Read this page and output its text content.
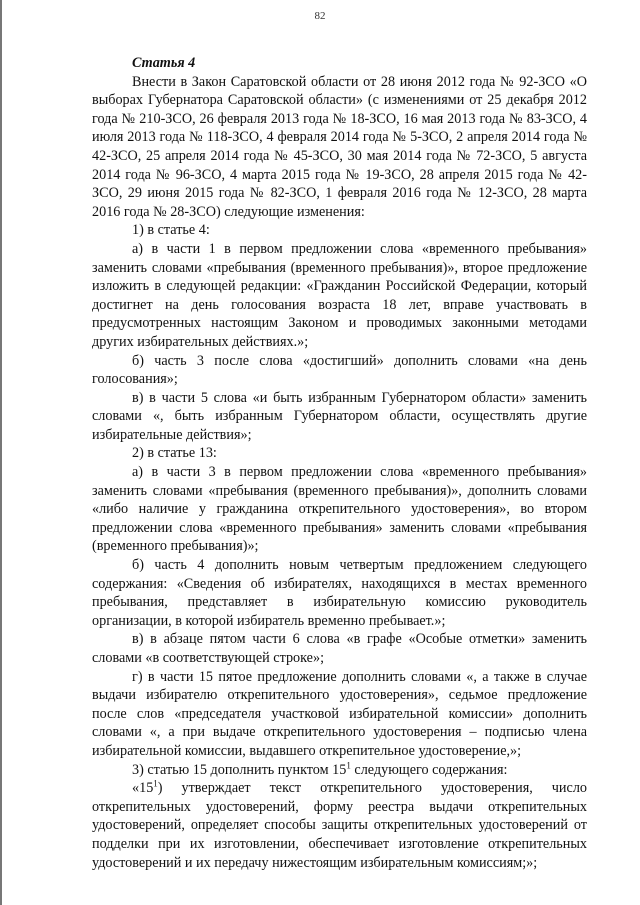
82

Статья 4

Внести в Закон Саратовской области от 28 июня 2012 года № 92-ЗСО «О выборах Губернатора Саратовской области» (с изменениями от 25 декабря 2012 года № 210-ЗСО, 26 февраля 2013 года № 18-ЗСО, 16 мая 2013 года № 83-ЗСО, 4 июля 2013 года № 118-ЗСО, 4 февраля 2014 года № 5-ЗСО, 2 апреля 2014 года № 42-ЗСО, 25 апреля 2014 года № 45-ЗСО, 30 мая 2014 года № 72-ЗСО, 5 августа 2014 года № 96-ЗСО, 4 марта 2015 года № 19-ЗСО, 28 апреля 2015 года № 42-ЗСО, 29 июня 2015 года № 82-ЗСО, 1 февраля 2016 года № 12-ЗСО, 28 марта 2016 года № 28-ЗСО) следующие изменения:

1) в статье 4:

а) в части 1 в первом предложении слова «временного пребывания» заменить словами «пребывания (временного пребывания)», второе предложение изложить в следующей редакции: «Гражданин Российской Федерации, который достигнет на день голосования возраста 18 лет, вправе участвовать в предусмотренных настоящим Законом и проводимых законными методами других избирательных действиях.»;

б) часть 3 после слова «достигший» дополнить словами «на день голосования»;

в) в части 5 слова «и быть избранным Губернатором области» заменить словами «, быть избранным Губернатором области, осуществлять другие избирательные действия»;

2) в статье 13:

а) в части 3 в первом предложении слова «временного пребывания» заменить словами «пребывания (временного пребывания)», дополнить словами «либо наличие у гражданина открепительного удостоверения», во втором предложении слова «временного пребывания» заменить словами «пребывания (временного пребывания)»;

б) часть 4 дополнить новым четвертым предложением следующего содержания: «Сведения об избирателях, находящихся в местах временного пребывания, представляет в избирательную комиссию руководитель организации, в которой избиратель временно пребывает.»;

в) в абзаце пятом части 6 слова «в графе «Особые отметки» заменить словами «в соответствующей строке»;

г) в части 15 пятое предложение дополнить словами «, а также в случае выдачи избирателю открепительного удостоверения», седьмое предложение после слов «председателя участковой избирательной комиссии» дополнить словами «, а при выдаче открепительного удостоверения – подписью члена избирательной комиссии, выдавшего открепительное удостоверение,»;

3) статью 15 дополнить пунктом $15^1$ следующего содержания:

«$15^1$) утверждает текст открепительного удостоверения, число открепительных удостоверений, форму реестра выдачи открепительных удостоверений, определяет способы защиты открепительных удостоверений от подделки при их изготовлении, обеспечивает изготовление открепительных удостоверений и их передачу нижестоящим избирательным комиссиям;»;
